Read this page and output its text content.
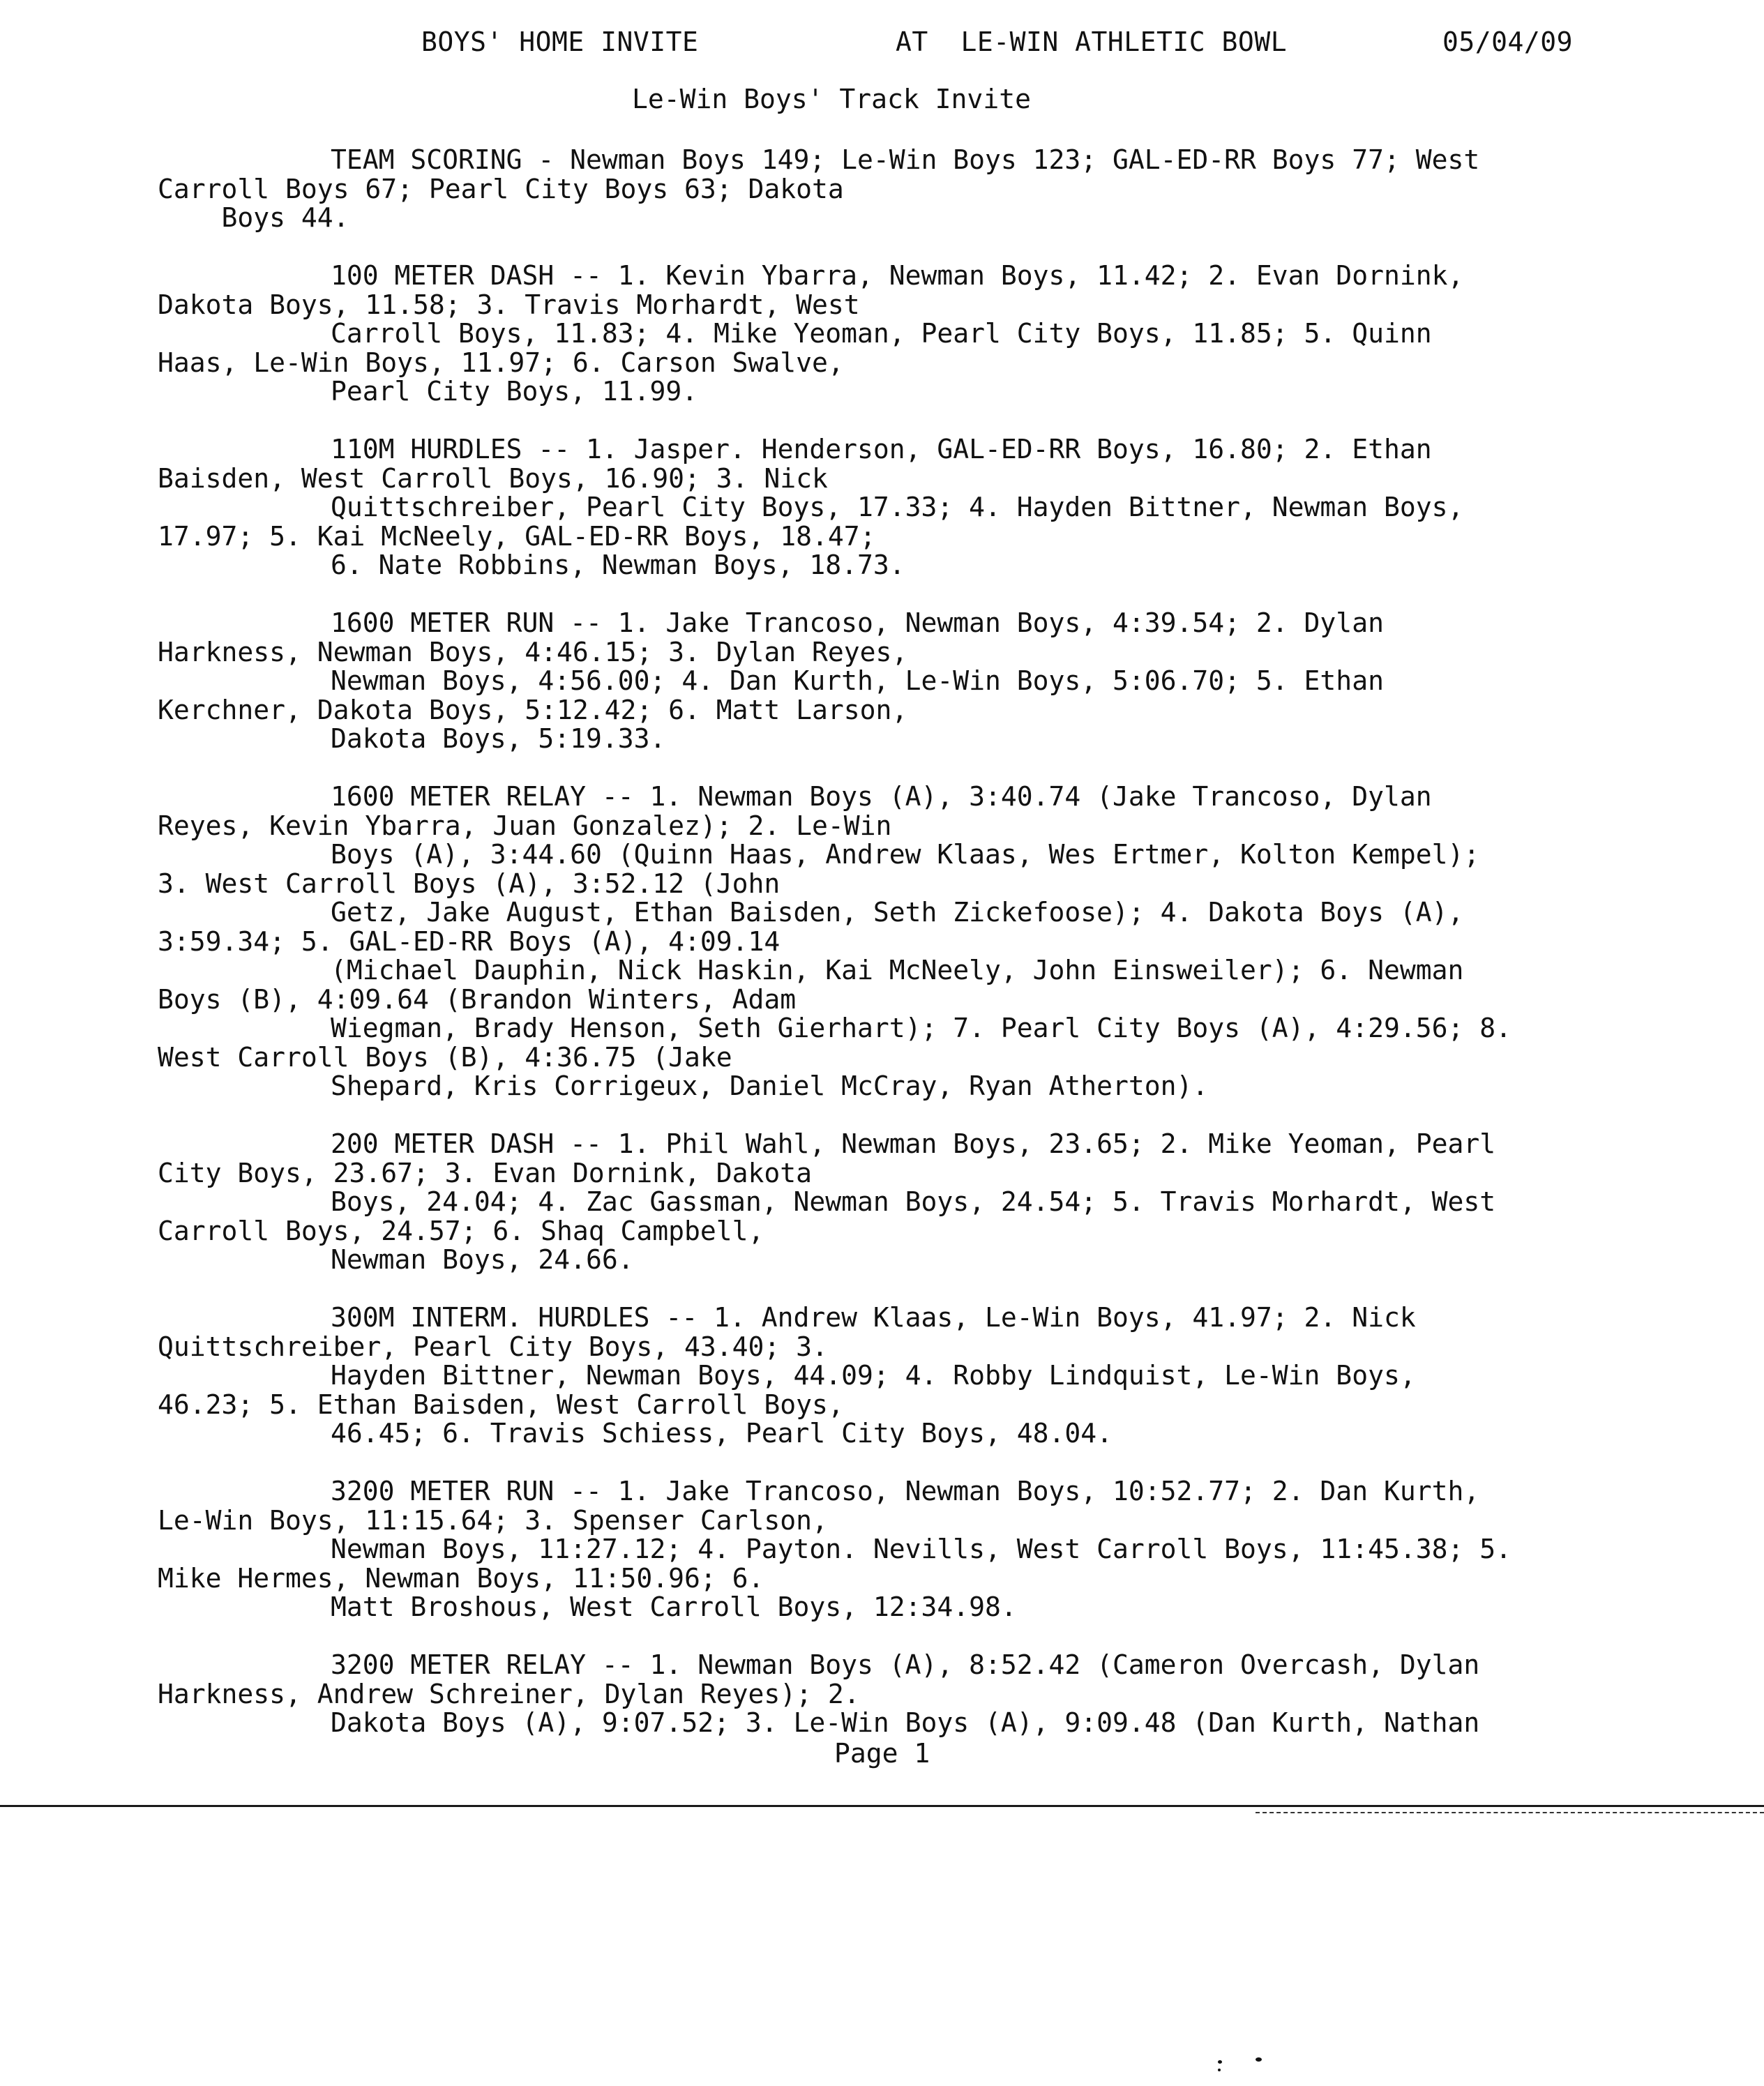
BOYS' HOME INVITE	AT  LE-WIN ATHLETIC BOWL	05/04/09
Le-Win Boys' Track Invite
TEAM SCORING - Newman Boys 149; Le-Win Boys 123; GAL-ED-RR Boys 77; West
Carroll Boys 67; Pearl City Boys 63; Dakota
Boys 44.
100 METER DASH -- 1. Kevin Ybarra, Newman Boys, 11.42; 2. Evan Dornink,
Dakota Boys, 11.58; 3. Travis Morhardt, West
Carroll Boys, 11.83; 4. Mike Yeoman, Pearl City Boys, 11.85; 5. Quinn
Haas, Le-Win Boys, 11.97; 6. Carson Swalve,
Pearl City Boys, 11.99.
110M HURDLES -- 1. Jasper. Henderson, GAL-ED-RR Boys, 16.80; 2. Ethan
Baisden, West Carroll Boys, 16.90; 3. Nick
Quittschreiber, Pearl City Boys, 17.33; 4. Hayden Bittner, Newman Boys,
17.97; 5. Kai McNeely, GAL-ED-RR Boys, 18.47;
6. Nate Robbins, Newman Boys, 18.73.
1600 METER RUN -- 1. Jake Trancoso, Newman Boys, 4:39.54; 2. Dylan
Harkness, Newman Boys, 4:46.15; 3. Dylan Reyes,
Newman Boys, 4:56.00; 4. Dan Kurth, Le-Win Boys, 5:06.70; 5. Ethan
Kerchner, Dakota Boys, 5:12.42; 6. Matt Larson,
Dakota Boys, 5:19.33.
1600 METER RELAY -- 1. Newman Boys (A), 3:40.74 (Jake Trancoso, Dylan
Reyes, Kevin Ybarra, Juan Gonzalez); 2. Le-Win
Boys (A), 3:44.60 (Quinn Haas, Andrew Klaas, Wes Ertmer, Kolton Kempel);
3. West Carroll Boys (A), 3:52.12 (John
Getz, Jake August, Ethan Baisden, Seth Zickefoose); 4. Dakota Boys (A),
3:59.34; 5. GAL-ED-RR Boys (A), 4:09.14
(Michael Dauphin, Nick Haskin, Kai McNeely, John Einsweiler); 6. Newman
Boys (B), 4:09.64 (Brandon Winters, Adam
Wiegman, Brady Henson, Seth Gierhart); 7. Pearl City Boys (A), 4:29.56; 8.
West Carroll Boys (B), 4:36.75 (Jake
Shepard, Kris Corrigeux, Daniel McCray, Ryan Atherton).
200 METER DASH -- 1. Phil Wahl, Newman Boys, 23.65; 2. Mike Yeoman, Pearl
City Boys, 23.67; 3. Evan Dornink, Dakota
Boys, 24.04; 4. Zac Gassman, Newman Boys, 24.54; 5. Travis Morhardt, West
Carroll Boys, 24.57; 6. Shaq Campbell,
Newman Boys, 24.66.
300M INTERM. HURDLES -- 1. Andrew Klaas, Le-Win Boys, 41.97; 2. Nick
Quittschreiber, Pearl City Boys, 43.40; 3.
Hayden Bittner, Newman Boys, 44.09; 4. Robby Lindquist, Le-Win Boys,
46.23; 5. Ethan Baisden, West Carroll Boys,
46.45; 6. Travis Schiess, Pearl City Boys, 48.04.
3200 METER RUN -- 1. Jake Trancoso, Newman Boys, 10:52.77; 2. Dan Kurth,
Le-Win Boys, 11:15.64; 3. Spenser Carlson,
Newman Boys, 11:27.12; 4. Payton. Nevills, West Carroll Boys, 11:45.38; 5.
Mike Hermes, Newman Boys, 11:50.96; 6.
Matt Broshous, West Carroll Boys, 12:34.98.
3200 METER RELAY -- 1. Newman Boys (A), 8:52.42 (Cameron Overcash, Dylan
Harkness, Andrew Schreiner, Dylan Reyes); 2.
Dakota Boys (A), 9:07.52; 3. Le-Win Boys (A), 9:09.48 (Dan Kurth, Nathan
Page 1
